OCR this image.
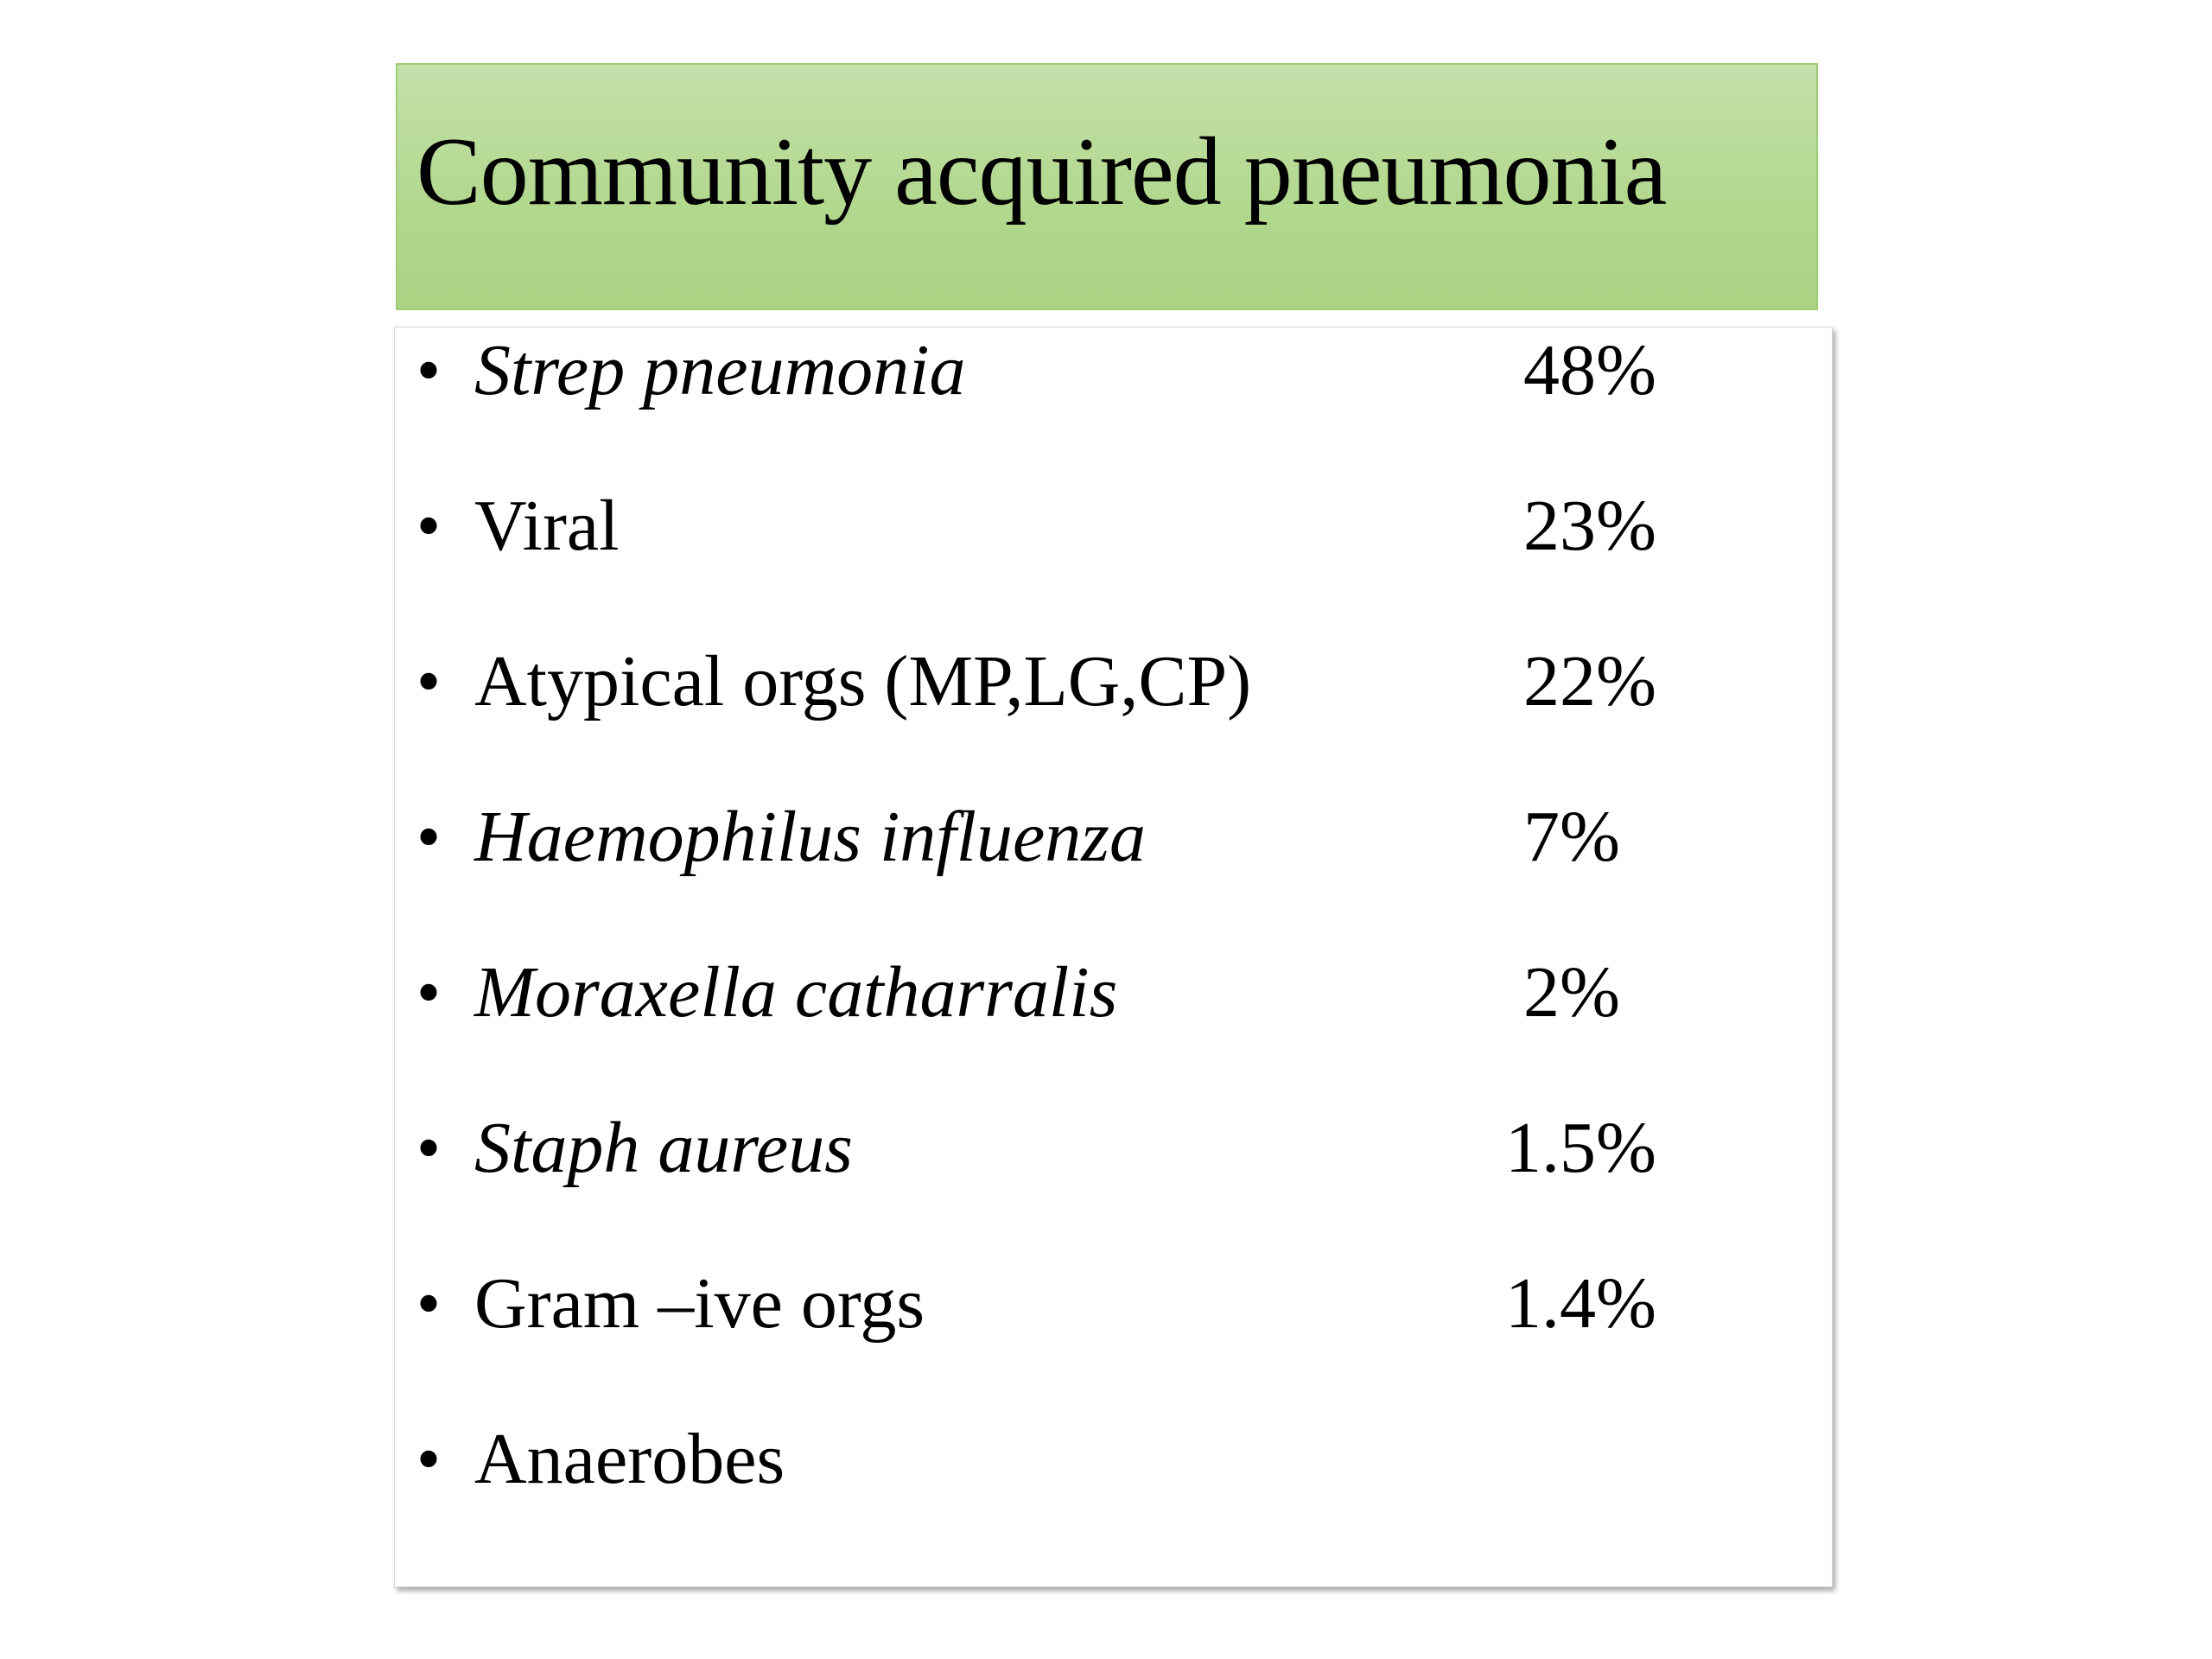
Community acquired pneumonia
• Strep pneumonia	48%
• Viral	23%
• Atypical orgs (MP,LG,CP)	22%
• Haemophilus influenza	7%
• Moraxella catharralis	2%
• Staph aureus	1.5%
• Gram –ive orgs	1.4%
• Anaerobes
